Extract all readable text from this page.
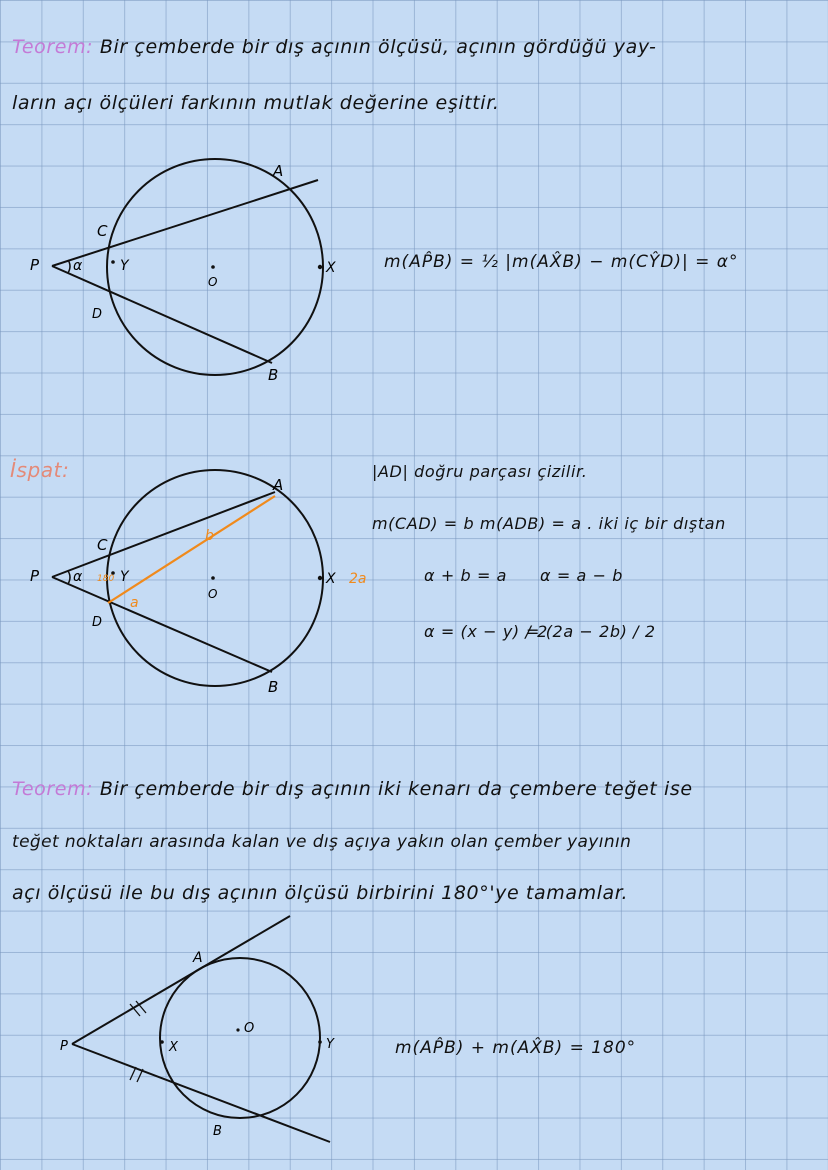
Teorem: Bir çemberde bir dış açının ölçüsü, açının gördüğü yay-
ların açı ölçüleri farkının mutlak değerine eşittir.
A
B
C
D
P α	Y
O
X	m(AP̂B) = ½ |m(AX̂B) − m(CŶD)| = α°
İspat:	|AD| doğru parçası çizilir.
m(CAD) = b m(ADB) = a . iki iç bir dıştan
α + b = a α = a − b
α = (x − y) / 2
= (2a − 2b) / 2
A
B
C
D
P α 180 Y
a
b
O
X 2a
Teorem: Bir çemberde bir dış açının iki kenarı da çembere teğet ise
teğet noktaları arasında kalan ve dış açıya yakın olan çember yayının
açı ölçüsü ile bu dış açının ölçüsü birbirini 180°'ye tamamlar.
A
B
P
O
X	Y	m(AP̂B) + m(AX̂B) = 180°
